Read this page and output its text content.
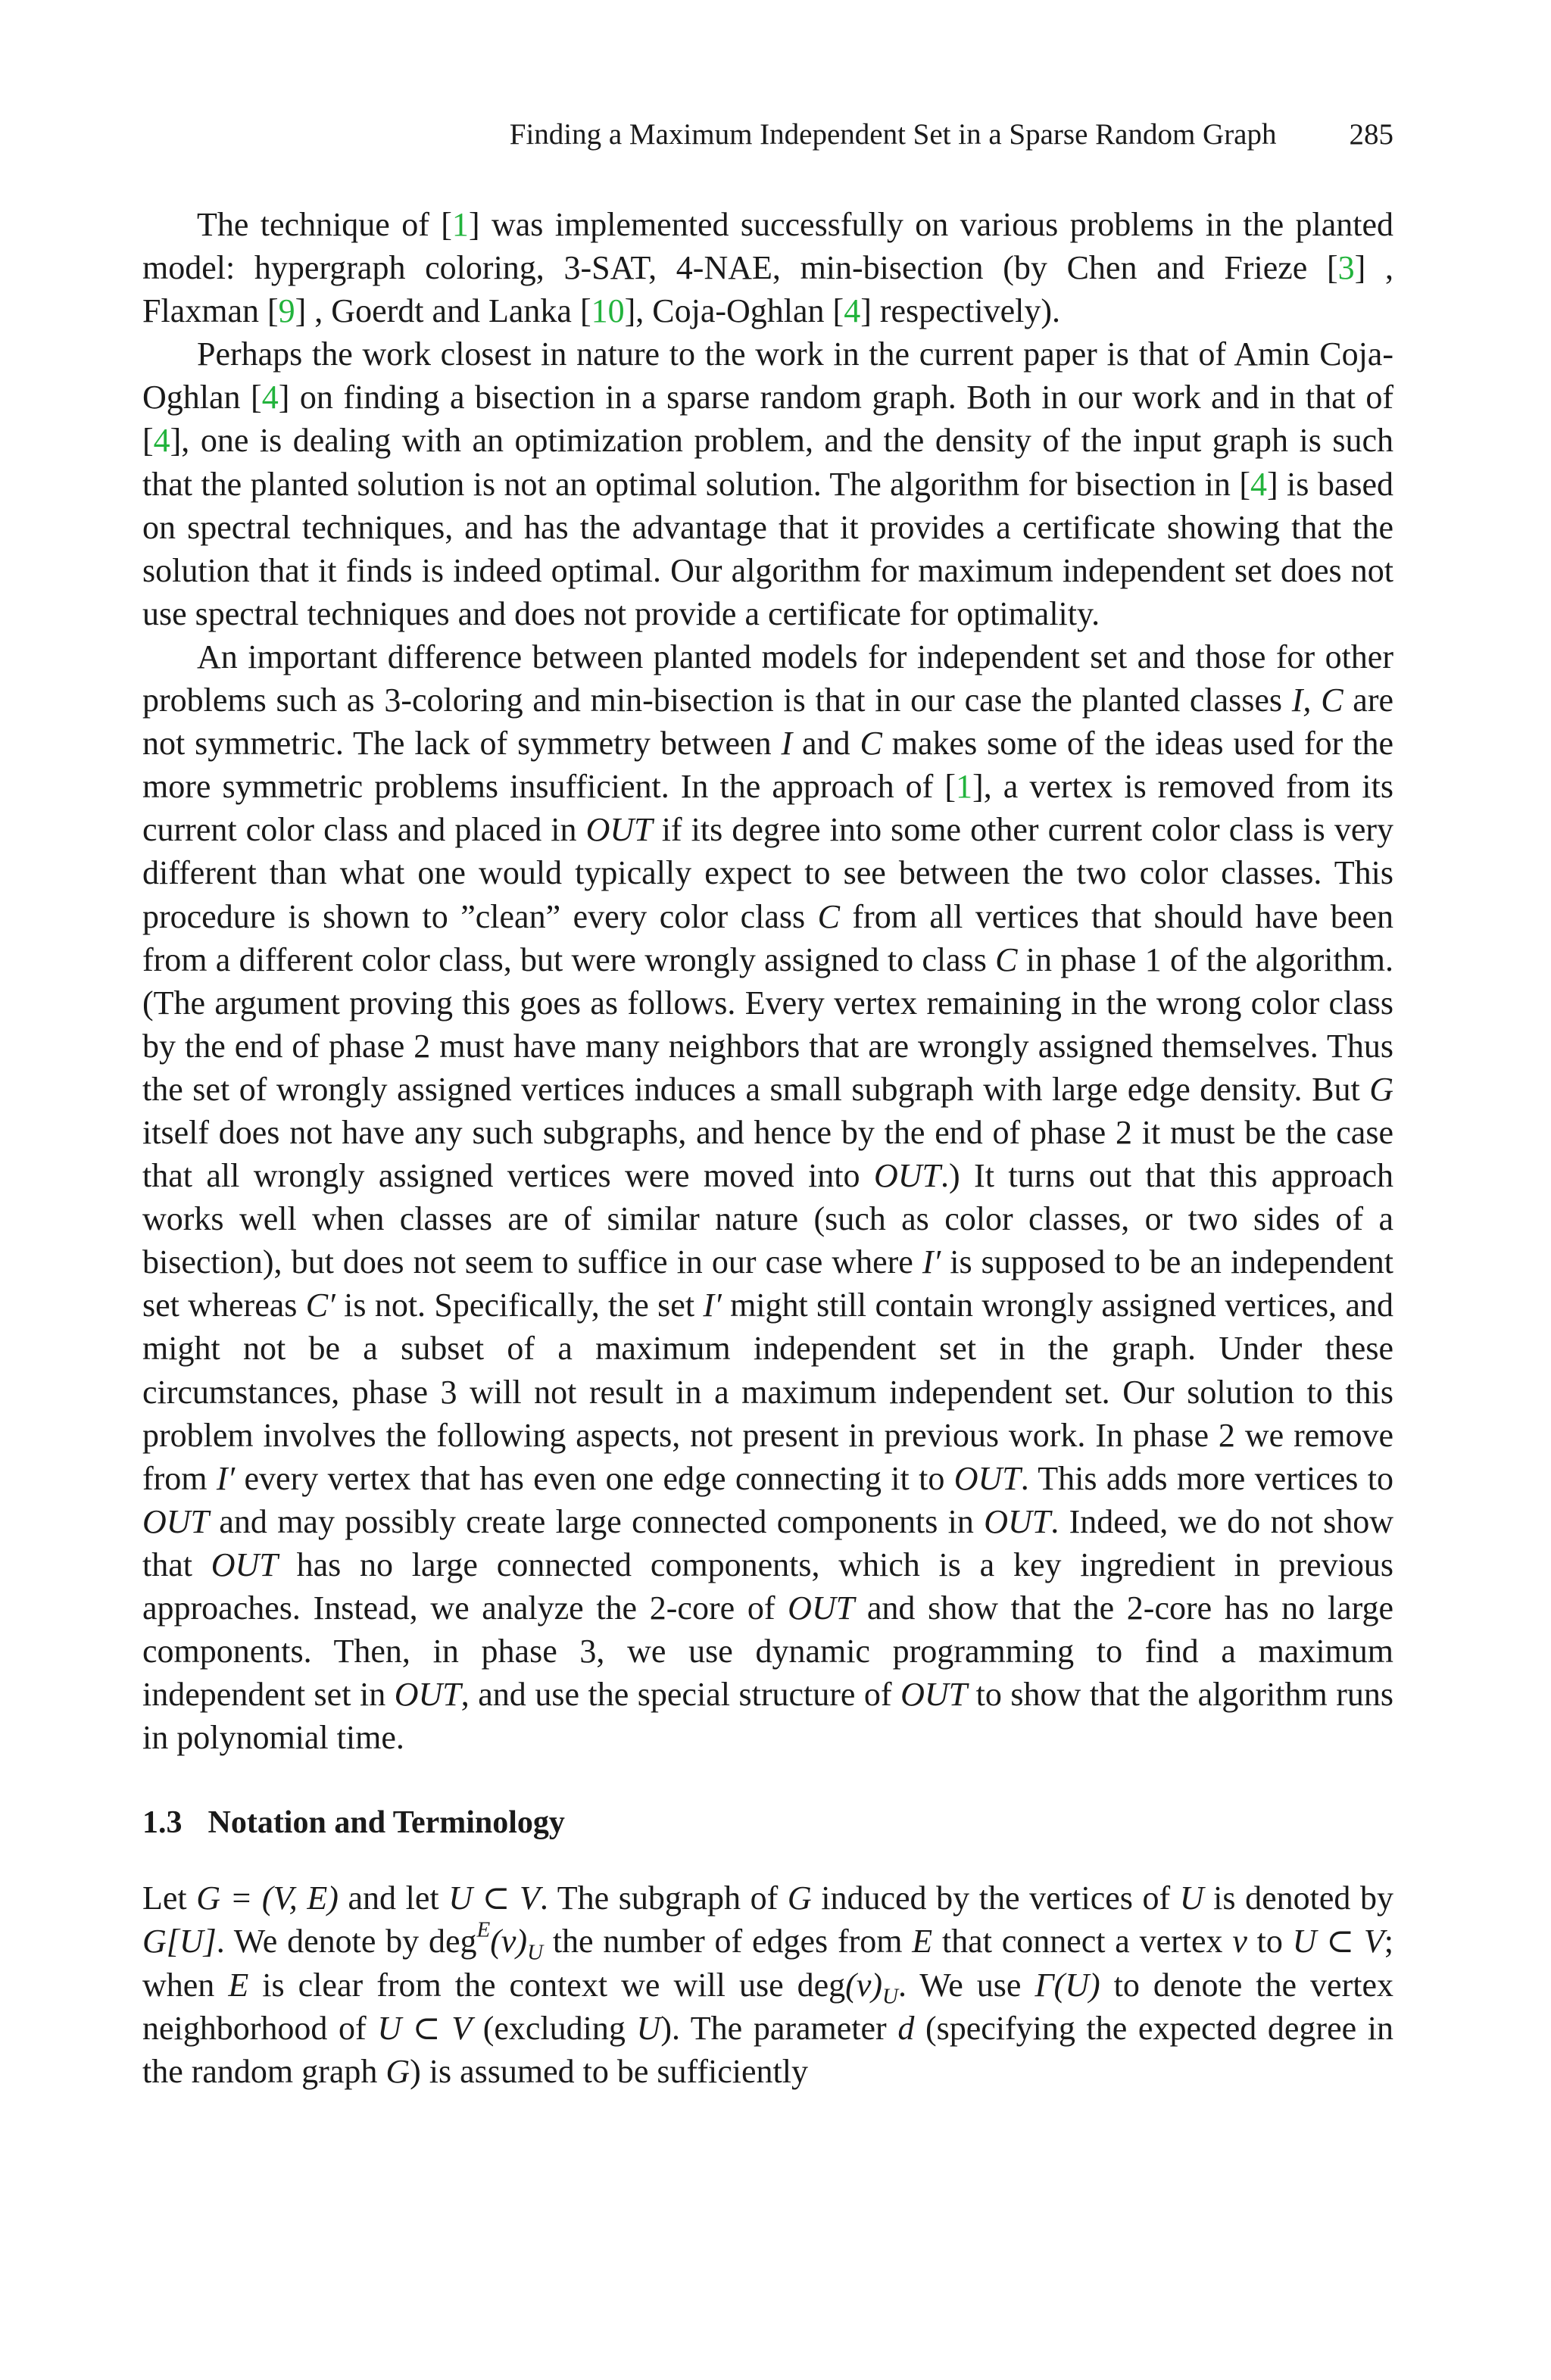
Finding a Maximum Independent Set in a Sparse Random Graph 285

The technique of [1] was implemented successfully on various problems in the planted model: hypergraph coloring, 3-SAT, 4-NAE, min-bisection (by Chen and Frieze [3] , Flaxman [9] , Goerdt and Lanka [10], Coja-Oghlan [4] respectively).

Perhaps the work closest in nature to the work in the current paper is that of Amin Coja-Oghlan [4] on finding a bisection in a sparse random graph. Both in our work and in that of [4], one is dealing with an optimization problem, and the density of the input graph is such that the planted solution is not an optimal solution. The algorithm for bisection in [4] is based on spectral techniques, and has the advantage that it provides a certificate showing that the solution that it finds is indeed optimal. Our algorithm for maximum independent set does not use spectral techniques and does not provide a certificate for optimality.

An important difference between planted models for independent set and those for other problems such as 3-coloring and min-bisection is that in our case the planted classes I, C are not symmetric. The lack of symmetry between I and C makes some of the ideas used for the more symmetric problems insufficient. In the approach of [1], a vertex is removed from its current color class and placed in OUT if its degree into some other current color class is very different than what one would typically expect to see between the two color classes. This procedure is shown to ”clean” every color class C from all vertices that should have been from a different color class, but were wrongly assigned to class C in phase 1 of the algorithm. (The argument proving this goes as follows. Every vertex remaining in the wrong color class by the end of phase 2 must have many neighbors that are wrongly assigned themselves. Thus the set of wrongly assigned vertices induces a small subgraph with large edge density. But G itself does not have any such subgraphs, and hence by the end of phase 2 it must be the case that all wrongly assigned vertices were moved into OUT.) It turns out that this approach works well when classes are of similar nature (such as color classes, or two sides of a bisection), but does not seem to suffice in our case where I′ is supposed to be an independent set whereas C′ is not. Specifically, the set I′ might still contain wrongly assigned vertices, and might not be a subset of a maximum independent set in the graph. Under these circumstances, phase 3 will not result in a maximum independent set. Our solution to this problem involves the following aspects, not present in previous work. In phase 2 we remove from I′ every vertex that has even one edge connecting it to OUT. This adds more vertices to OUT and may possibly create large connected components in OUT. Indeed, we do not show that OUT has no large connected components, which is a key ingredient in previous approaches. Instead, we analyze the 2-core of OUT and show that the 2-core has no large components. Then, in phase 3, we use dynamic programming to find a maximum independent set in OUT, and use the special structure of OUT to show that the algorithm runs in polynomial time.

1.3 Notation and Terminology

Let G = (V, E) and let U ⊂ V. The subgraph of G induced by the vertices of U is denoted by G[U]. We denote by $deg^E(v)_U$ the number of edges from E that connect a vertex v to U ⊂ V; when E is clear from the context we will use $deg(v)_U$. We use Γ(U) to denote the vertex neighborhood of U ⊂ V (excluding U). The parameter d (specifying the expected degree in the random graph G) is assumed to be sufficiently
